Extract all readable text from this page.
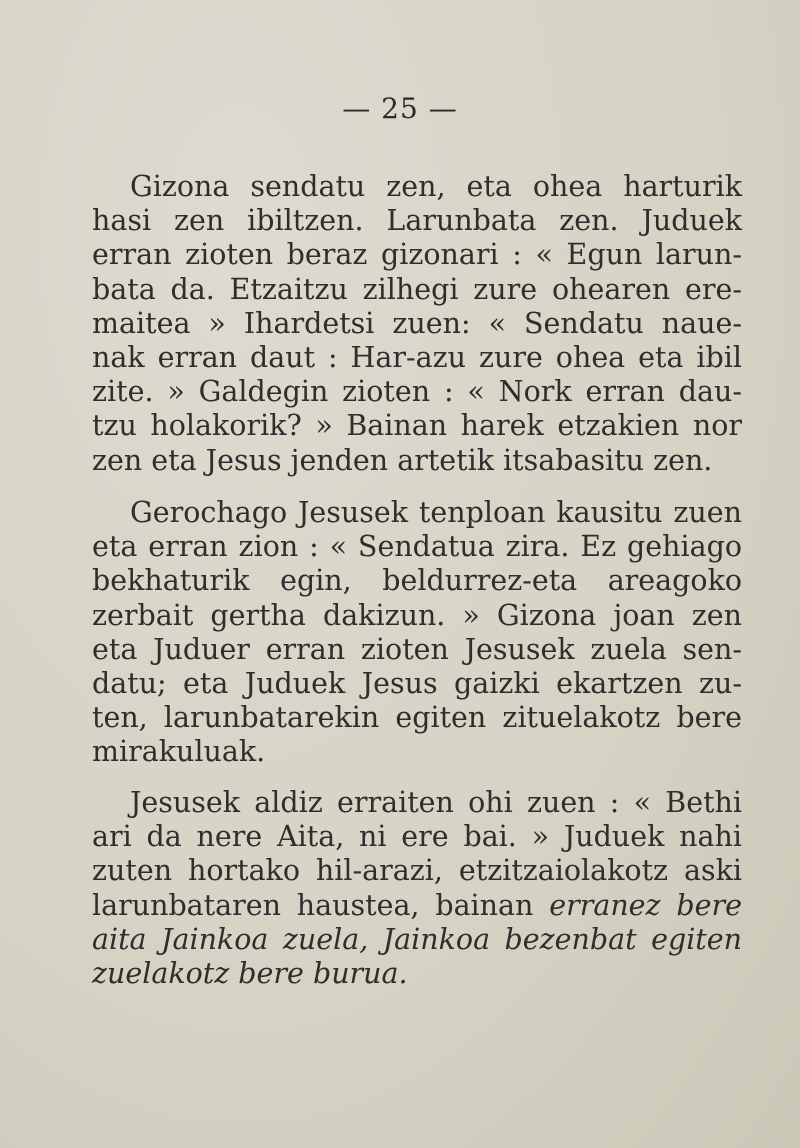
— 25 —
Gizona sendatu zen, eta ohea harturik
hasi zen ibiltzen. Larunbata zen. Juduek
erran zioten beraz gizonari : « Egun larun-
bata da. Etzaitzu zilhegi zure ohearen ere-
maitea » Ihardetsi zuen: « Sendatu naue-
nak erran daut : Har-azu zure ohea eta ibil
zite. » Galdegin zioten : « Nork erran dau-
tzu holakorik? » Bainan harek etzakien nor
zen eta Jesus jenden artetik itsabasitu zen.
Gerochago Jesusek tenploan kausitu zuen
eta erran zion : « Sendatua zira. Ez gehiago
bekhaturik egin, beldurrez-eta areagoko
zerbait gertha dakizun. » Gizona joan zen
eta Juduer erran zioten Jesusek zuela sen-
datu; eta Juduek Jesus gaizki ekartzen zu-
ten, larunbatarekin egiten zituelakotz bere
mirakuluak.
Jesusek aldiz erraiten ohi zuen : « Bethi
ari da nere Aita, ni ere bai. » Juduek nahi
zuten hortako hil-arazi, etzitzaiolakotz aski
larunbataren haustea, bainan erranez bere
aita Jainkoa zuela, Jainkoa bezenbat egiten
zuelakotz bere burua.
